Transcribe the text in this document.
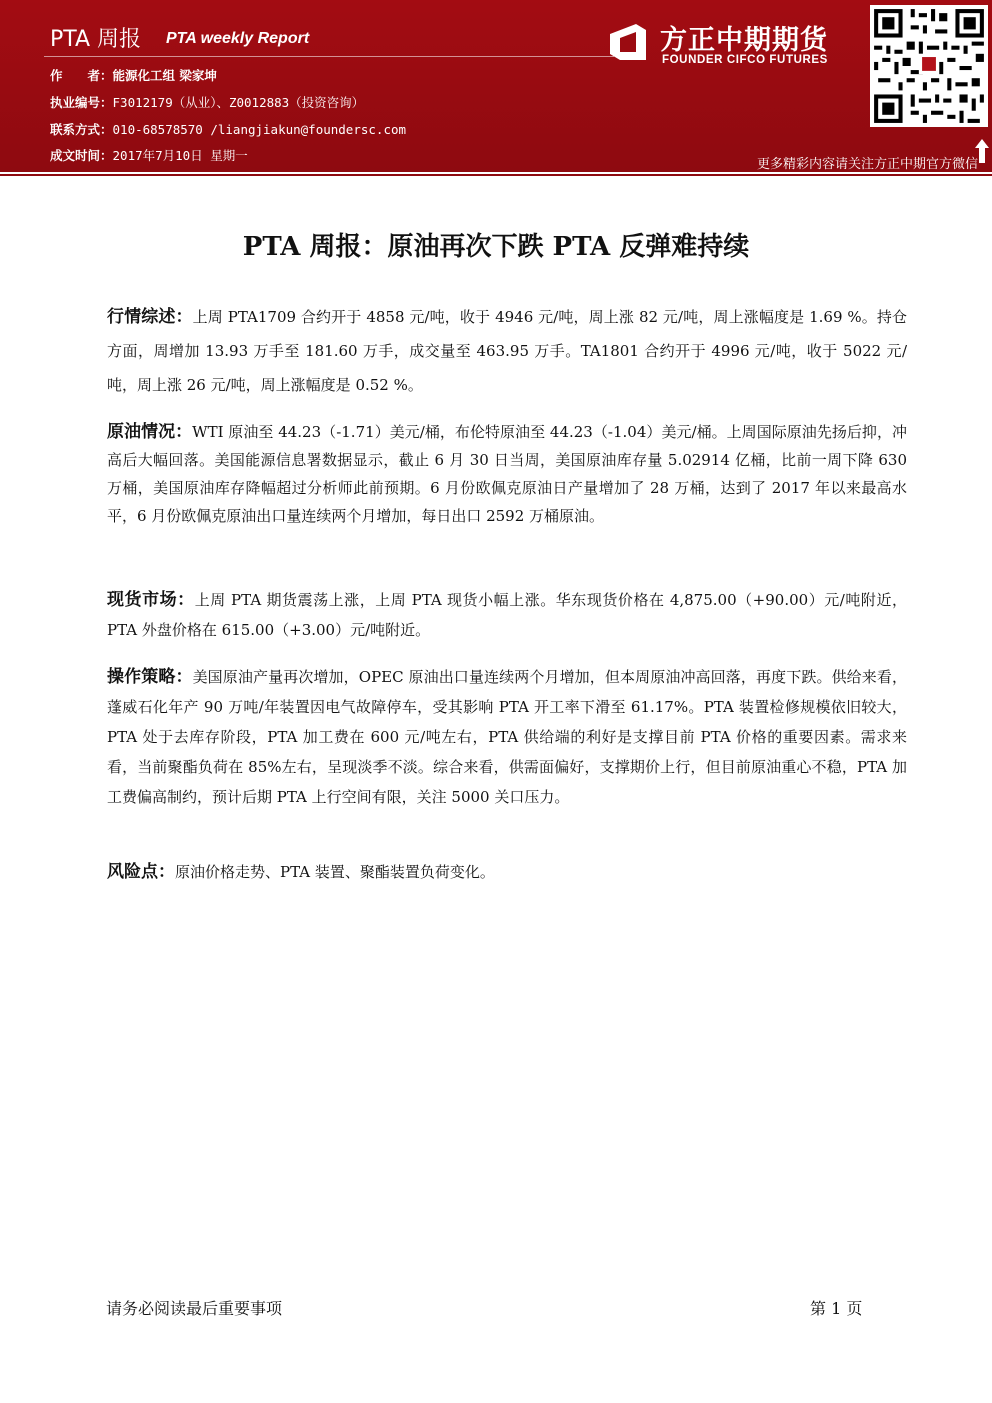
PTA 周报 PTA weekly Report
作　　者：能源化工组 梁家坤
执业编号：F3012179（从业）、Z0012883（投资咨询）
联系方式：010-68578570 /liangjiakun@foundersc.com
成文时间：2017年7月10日 星期一
方正中期期货
FOUNDER CIFCO FUTURES
更多精彩内容请关注方正中期官方微信
PTA 周报：原油再次下跌 PTA 反弹难持续
行情综述：上周 PTA1709 合约开于 4858 元/吨，收于 4946 元/吨，周上涨 82 元/吨，周上涨幅度是 1.69 %。持仓方面，周增加 13.93 万手至 181.60 万手，成交量至 463.95 万手。TA1801 合约开于 4996 元/吨，收于 5022 元/吨，周上涨 26 元/吨，周上涨幅度是 0.52 %。
原油情况：WTI 原油至 44.23（-1.71）美元/桶，布伦特原油至 44.23（-1.04）美元/桶。上周国际原油先扬后抑，冲高后大幅回落。美国能源信息署数据显示，截止 6 月 30 日当周，美国原油库存量 5.02914 亿桶，比前一周下降 630 万桶，美国原油库存降幅超过分析师此前预期。6 月份欧佩克原油日产量增加了 28 万桶，达到了 2017 年以来最高水平，6 月份欧佩克原油出口量连续两个月增加，每日出口 2592 万桶原油。
现货市场：上周 PTA 期货震荡上涨，上周 PTA 现货小幅上涨。华东现货价格在 4,875.00（+90.00）元/吨附近，PTA 外盘价格在 615.00（+3.00）元/吨附近。
操作策略：美国原油产量再次增加，OPEC 原油出口量连续两个月增加，但本周原油冲高回落，再度下跌。供给来看，蓬威石化年产 90 万吨/年装置因电气故障停车，受其影响 PTA 开工率下滑至 61.17%。PTA 装置检修规模依旧较大，PTA 处于去库存阶段，PTA 加工费在 600 元/吨左右，PTA 供给端的利好是支撑目前 PTA 价格的重要因素。需求来看，当前聚酯负荷在 85%左右，呈现淡季不淡。综合来看，供需面偏好，支撑期价上行，但目前原油重心不稳，PTA 加工费偏高制约，预计后期 PTA 上行空间有限，关注 5000 关口压力。
风险点：原油价格走势、PTA 装置、聚酯装置负荷变化。
请务必阅读最后重要事项	第 1 页
